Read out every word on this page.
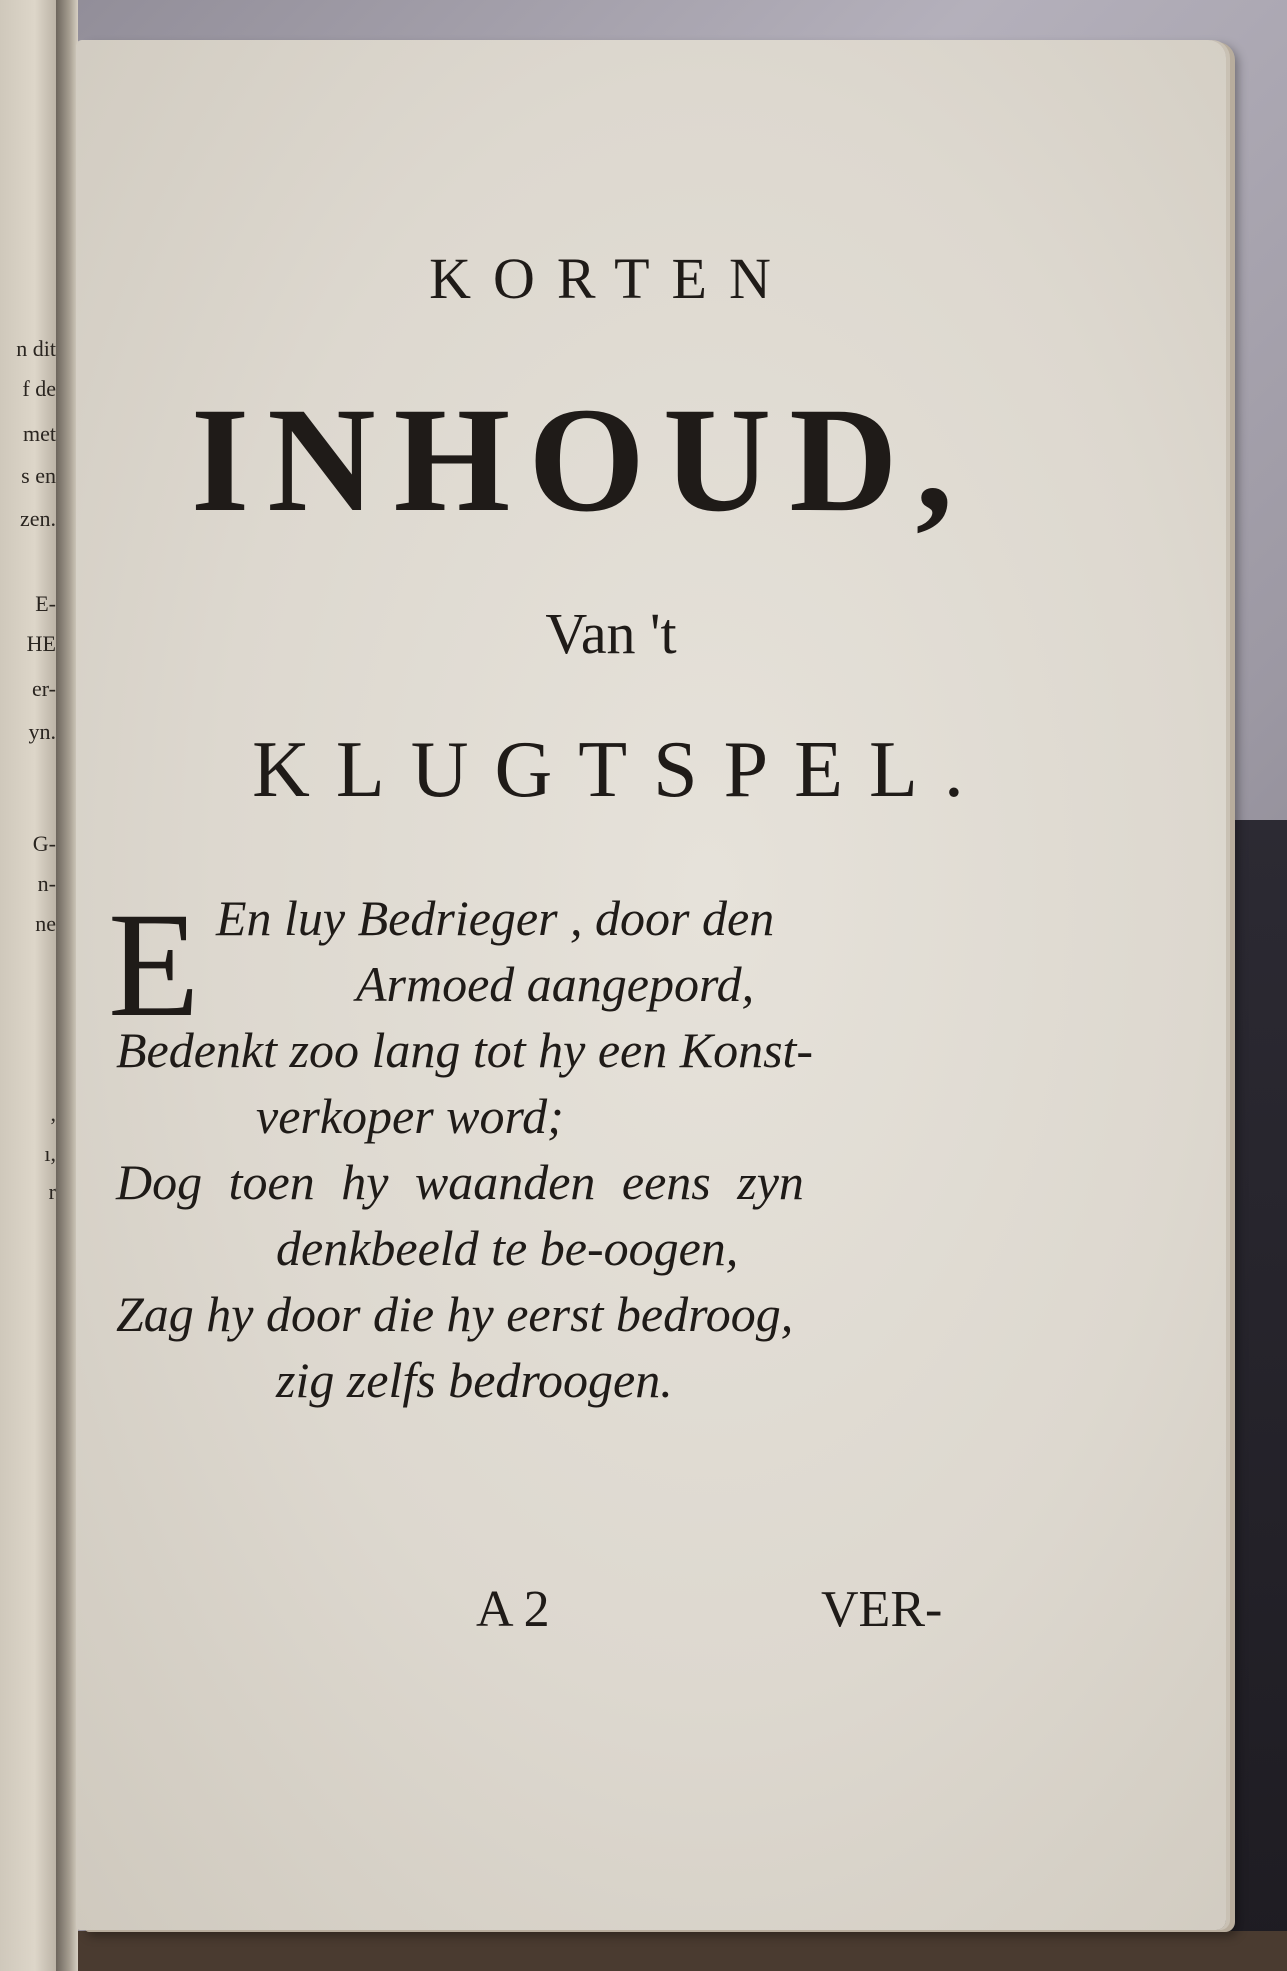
n dit
f de
met
s en
zen.
E-
HE
er-
yn.
G-
n-
ne
,
ı,
r
KORTEN
INHOUD,
Van 't
KLUGTSPEL.
E En luy Bedrieger , door den
Armoed aangepord,
Bedenkt zoo lang tot hy een Konst-
verkoper word;
Dog toen hy waanden eens zyn
denkbeeld te be-oogen,
Zag hy door die hy eerst bedroog,
zig zelfs bedroogen.
A 2	VER-
